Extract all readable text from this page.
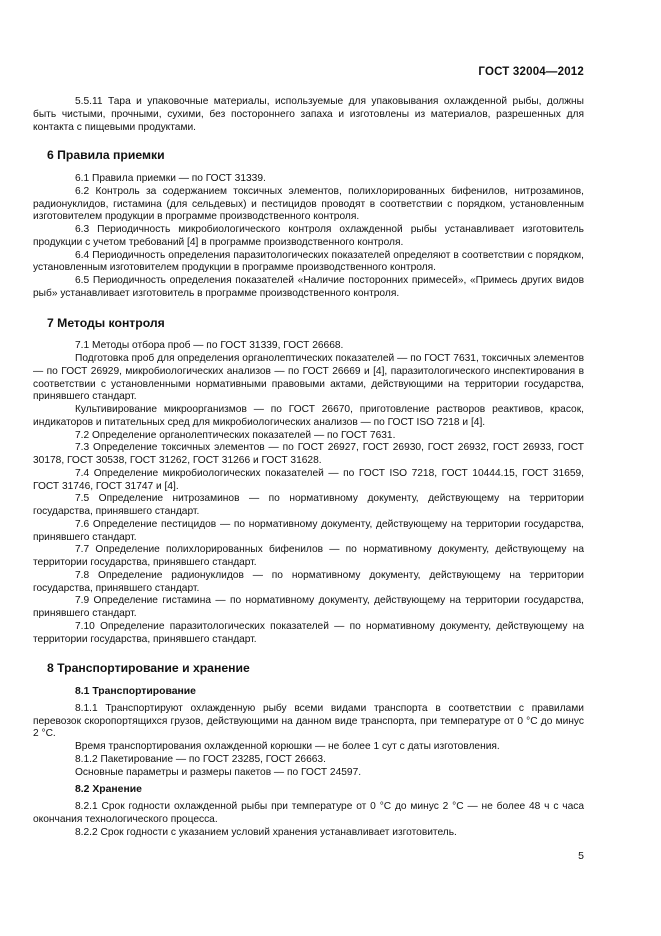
ГОСТ 32004—2012

5.5.11 Тара и упаковочные материалы, используемые для упаковывания охлажденной рыбы, должны быть чистыми, прочными, сухими, без постороннего запаха и изготовлены из материалов, разрешенных для контакта с пищевыми продуктами.

6 Правила приемки

6.1 Правила приемки — по ГОСТ 31339.

6.2 Контроль за содержанием токсичных элементов, полихлорированных бифенилов, нитрозаминов, радионуклидов, гистамина (для сельдевых) и пестицидов проводят в соответствии с порядком, установленным изготовителем продукции в программе производственного контроля.

6.3 Периодичность микробиологического контроля охлажденной рыбы устанавливает изготовитель продукции с учетом требований [4] в программе производственного контроля.

6.4 Периодичность определения паразитологических показателей определяют в соответствии с порядком, установленным изготовителем продукции в программе производственного контроля.

6.5 Периодичность определения показателей «Наличие посторонних примесей», «Примесь других видов рыб» устанавливает изготовитель в программе производственного контроля.

7 Методы контроля

7.1 Методы отбора проб — по ГОСТ 31339, ГОСТ 26668.

Подготовка проб для определения органолептических показателей — по ГОСТ 7631, токсичных элементов — по ГОСТ 26929, микробиологических анализов — по ГОСТ 26669 и [4], паразитологического инспектирования в соответствии с установленными нормативными правовыми актами, действующими на территории государства, принявшего стандарт.

Культивирование микроорганизмов — по ГОСТ 26670, приготовление растворов реактивов, красок, индикаторов и питательных сред для микробиологических анализов — по ГОСТ ISO 7218 и [4].

7.2 Определение органолептических показателей — по ГОСТ 7631.

7.3 Определение токсичных элементов — по ГОСТ 26927, ГОСТ 26930, ГОСТ 26932, ГОСТ 26933, ГОСТ 30178, ГОСТ 30538, ГОСТ 31262, ГОСТ 31266 и ГОСТ 31628.

7.4 Определение микробиологических показателей — по ГОСТ ISO 7218, ГОСТ 10444.15, ГОСТ 31659, ГОСТ 31746, ГОСТ 31747 и [4].

7.5 Определение нитрозаминов — по нормативному документу, действующему на территории государства, принявшего стандарт.

7.6 Определение пестицидов — по нормативному документу, действующему на территории государства, принявшего стандарт.

7.7 Определение полихлорированных бифенилов — по нормативному документу, действующему на территории государства, принявшего стандарт.

7.8 Определение радионуклидов — по нормативному документу, действующему на территории государства, принявшего стандарт.

7.9 Определение гистамина — по нормативному документу, действующему на территории государства, принявшего стандарт.

7.10 Определение паразитологических показателей — по нормативному документу, действующему на территории государства, принявшего стандарт.

8 Транспортирование и хранение
8.1 Транспортирование

8.1.1 Транспортируют охлажденную рыбу всеми видами транспорта в соответствии с правилами перевозок скоропортящихся грузов, действующими на данном виде транспорта, при температуре от 0 °С до минус 2 °С.

Время транспортирования охлажденной корюшки — не более 1 сут с даты изготовления.

8.1.2 Пакетирование — по ГОСТ 23285, ГОСТ 26663.

Основные параметры и размеры пакетов — по ГОСТ 24597.

8.2 Хранение

8.2.1 Срок годности охлажденной рыбы при температуре от 0 °С до минус 2 °С — не более 48 ч с часа окончания технологического процесса.

8.2.2 Срок годности с указанием условий хранения устанавливает изготовитель.

5
